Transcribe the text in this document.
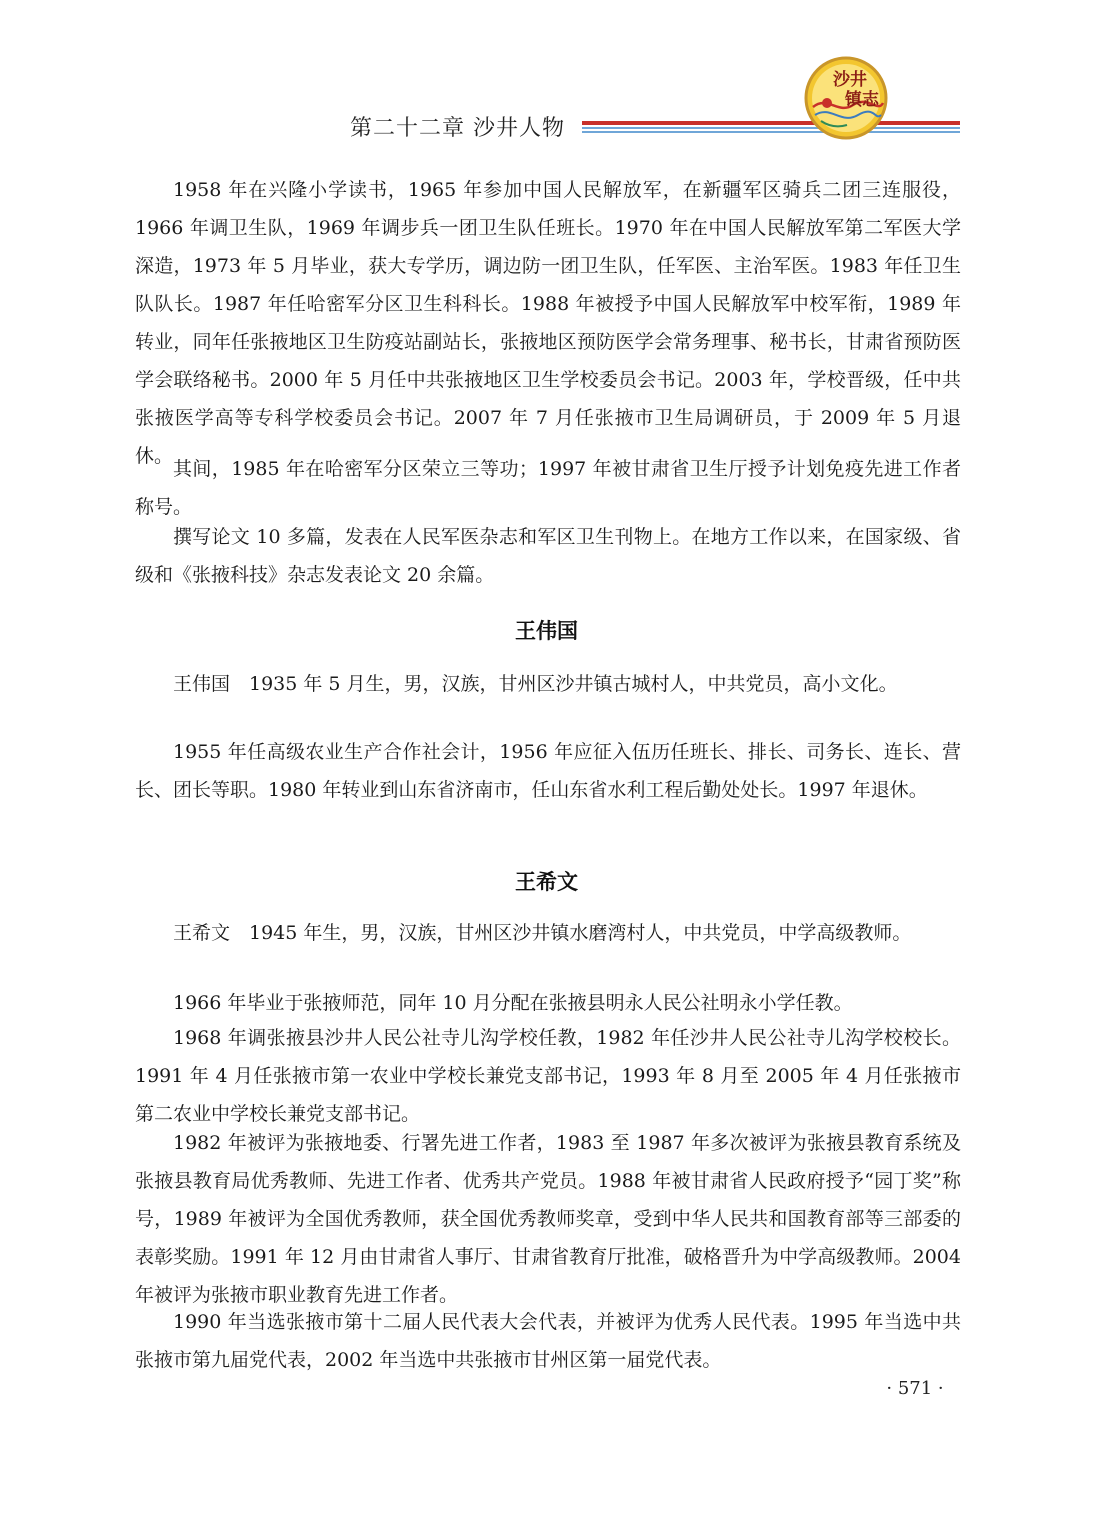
第二十二章 沙井人物
沙井
镇志

1958 年在兴隆小学读书，1965 年参加中国人民解放军，在新疆军区骑兵二团三连服役，1966 年调卫生队，1969 年调步兵一团卫生队任班长。1970 年在中国人民解放军第二军医大学深造，1973 年 5 月毕业，获大专学历，调边防一团卫生队，任军医、主治军医。1983 年任卫生队队长。1987 年任哈密军分区卫生科科长。1988 年被授予中国人民解放军中校军衔，1989 年转业，同年任张掖地区卫生防疫站副站长，张掖地区预防医学会常务理事、秘书长，甘肃省预防医学会联络秘书。2000 年 5 月任中共张掖地区卫生学校委员会书记。2003 年，学校晋级，任中共张掖医学高等专科学校委员会书记。2007 年 7 月任张掖市卫生局调研员，于 2009 年 5 月退休。

其间，1985 年在哈密军分区荣立三等功；1997 年被甘肃省卫生厅授予计划免疫先进工作者称号。

撰写论文 10 多篇，发表在人民军医杂志和军区卫生刊物上。在地方工作以来，在国家级、省级和《张掖科技》杂志发表论文 20 余篇。

王伟国

王伟国　1935 年 5 月生，男，汉族，甘州区沙井镇古城村人，中共党员，高小文化。

1955 年任高级农业生产合作社会计，1956 年应征入伍历任班长、排长、司务长、连长、营长、团长等职。1980 年转业到山东省济南市，任山东省水利工程后勤处处长。1997 年退休。

王希文

王希文　1945 年生，男，汉族，甘州区沙井镇水磨湾村人，中共党员，中学高级教师。

1966 年毕业于张掖师范，同年 10 月分配在张掖县明永人民公社明永小学任教。

1968 年调张掖县沙井人民公社寺儿沟学校任教，1982 年任沙井人民公社寺儿沟学校校长。1991 年 4 月任张掖市第一农业中学校长兼党支部书记，1993 年 8 月至 2005 年 4 月任张掖市第二农业中学校长兼党支部书记。

1982 年被评为张掖地委、行署先进工作者，1983 至 1987 年多次被评为张掖县教育系统及张掖县教育局优秀教师、先进工作者、优秀共产党员。1988 年被甘肃省人民政府授予“园丁奖”称号，1989 年被评为全国优秀教师，获全国优秀教师奖章，受到中华人民共和国教育部等三部委的表彰奖励。1991 年 12 月由甘肃省人事厅、甘肃省教育厅批准，破格晋升为中学高级教师。2004 年被评为张掖市职业教育先进工作者。

1990 年当选张掖市第十二届人民代表大会代表，并被评为优秀人民代表。1995 年当选中共张掖市第九届党代表，2002 年当选中共张掖市甘州区第一届党代表。

· 571 ·
